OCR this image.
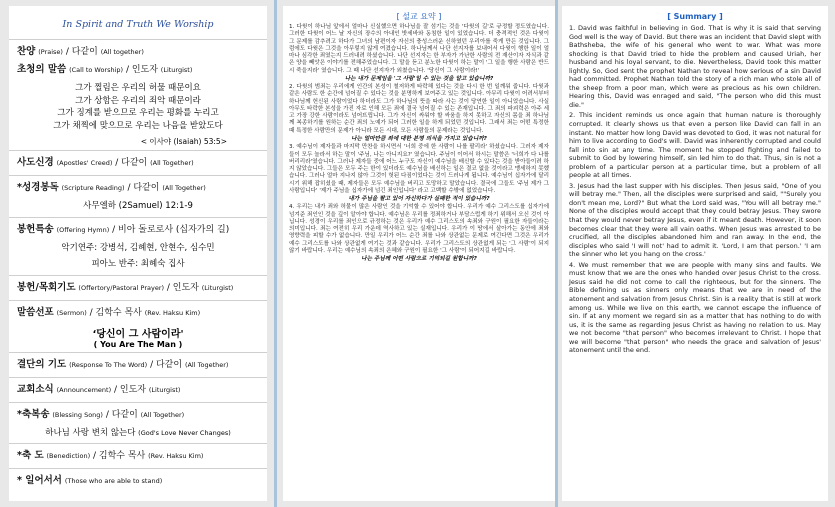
In Spirit and Truth We Worship
찬양 (Praise) / 다같이 (All together)
초청의 말씀 (Call to Worship) / 인도자 (Liturgist)
그가 찔림은 우리의 허물 때문이요
그가 상함은 우리의 죄악 때문이라
그가 징계를 받으므로 우리는 평화를 누리고
그가 채찍에 맞으므로 우리는 나음을 받았도다
< 이사야 (Isaiah) 53:5>
사도신경 (Apostles' Creed) / 다같이 (All Together)
*성경봉독 (Scripture Reading) / 다같이 (All Together)
사무엘하 (2Samuel) 12:1-9
봉헌특송 (Offering Hymn) / 비아 돌로로사 (십자가의 길)
악기연주: 강병석, 김혜현, 안현수, 심수민
피아노 반주: 최혜숙 집사
봉헌/목회기도 (Offertory/Pastoral Prayer) / 인도자 (Liturgist)
말씀선포 (Sermon) / 김학수 목사 (Rev. Haksu Kim)
‘당신이 그 사람이라'
( You Are The Man )
결단의 기도 (Response To The Word) / 다같이 (All Together)
교회소식 (Announcement) / 인도자 (Liturgist)
*축복송 (Blessing Song) / 다같이 (All Together)
하나님 사랑 변치 않는다 (God's Love Never Changes)
*축 도 (Benediction) / 김학수 목사 (Rev. Haksu Kim)
* 일어서서 (Those who are able to stand)
[ 설교 요약 ]

1. 다윗이 하나님 앞에서 얼마나 신실했으면 하나님을 잘 섬기는 것을 '다윗의 길'로 규정할 정도였습니다. 그러한 다윗이 어느 날 자신의 장수의 아내인 밧세바와 동침한 일이 있었습니다. 더 충격적인 것은 다윗이 그 문제를 감추려고 하다가 그녀의 남편이자 자신의 충성스러운 신하였던 우리아를 죽게 만든 것입니다. 그럼에도 다윗은 그것을 아무렇지 않게 여겼습니다. 하나님께서 나단 선지자를 보내어서 다윗이 행한 일이 얼마나 심각한 죄였는지 드러내려 하셨습니다. 나단 선지자는 한 부자가 가난한 사람의 전 재산이자 자식과 같은 양을 빼앗은 이야기를 전해주었습니다. 그 말을 듣고 분노한 다윗이 하는 말이 '그 일을 행한 사람은 반드시 죽을지라' 였습니다. 그 때 나단 선지자가 외쳤습니다. '당신이 그 사람이라!'

나는 내가 문제임을 '그 사람'일 수 있는 것을 알고 있습니까?

2. 다윗의 범죄는 우리에게 인간의 본성이 철저하게 타락해 있다는 것을 다시 한 번 일깨워 줍니다. 다윗과 같은 사람도 한 순간에 넘어질 수 있다는 것을 분명하게 보여주고 있는 것입니다. 아무리 다윗이 어려서부터 하나님께 헌신된 사람이었다 하더라도 그가 하나님의 뜻을 따라 사는 것이 당연한 일이 아니었습니다. 사실 아무도 타락한 본성을 가진 자로 인해 모든 죄에 결국 넘어질 수 있는 존재입니다. 그 죄의 파괴력은 아주 세고 가장 강한 사람이라도 넘어뜨립니다. 그가 자신이 싸워야 할 싸움을 하지 못하고 자신의 몸을 죄 하나님께 복종하기를 원하는 순간 죄의 노예가 되어 그러한 일을 하게 되었던 것입니다. 그래서 죄는 어떤 특정한 때 특정한 사람만의 문제가 아니라 모든 시대, 모든 사람들의 문제라는 것입니다.

나는 얼마만큼 죄에 대한 분명 의식을 가지고 있습니까?

3. 예수님이 제자들과 마지막 만찬을 하시면서 '너희 중에 한 사람이 나를 팔리라' 하셨습니다. 그러자 제자들이 모두 놀라서 하는 말이 '주님, 나는 아니지요?' 였습니다. 주님이 이어서 하시는 말씀은 '너희가 다 나를 버리리라'였습니다. 그러나 제자들 중에 어느 누구도 자신이 예수님을 배신할 수 있다는 것을 받아들이려 하지 않았습니다. 그들은 모두 주는 한이 있더라도 예수님을 배신하는 일은 결코 없을 것이라고 맹세하지 못했습니다. 그러나 얼마 지나지 않아 그것이 헛된 다짐이었다는 것이 드러나게 됩니다. 예수님이 십자가에 달리시기 위해 잡히셨을 때, 제자들은 모두 예수님을 버리고 도망하고 말았습니다. 결국에 그들도 '주님 제가 그 사람입니다' '제가 주님을 십자가에 넘긴 죄인입니다' 라고 고백할 수밖에 없었습니다.

내가 주님을 팔고 있어 자신하다가 실패한 적이 있습니까?

4. 우리는 내가 죄와 허물이 많은 사람인 것을 기억할 수 있어야 합니다. 우리가 예수 그리스도를 십자가에 넘겨준 죄인인 것을 깊이 알아야 합니다. 예수님은 우리를 정죄하거나 부담스럽게 하기 위해서 오신 것이 아닙니다. 성경이 우리를 죄인으로 규정하는 것은 우리가 예수 그리스도의 속죄와 구원이 필요한 자들이라는 의미입니다. 죄는 여전히 우리 가운데 역사하고 있는 실재입니다. 우리가 이 땅에서 살아가는 동안에 죄와 영향력을 피할 수가 없습니다. 만일 우리가 어느 순간 죄를 나와 상관없는 문제로 여긴다면 그것은 우리가 예수 그리스도를 나와 상관없게 여기는 것과 같습니다. 우리가 그리스도의 상관없게 되는 '그 사람'이 되지 않기 바랍니다. 우리는 예수님의 속죄의 은혜와 구원이 필요한 '그 사람'이 되어지길 바랍니다.

나는 주님께 어떤 사람으로 기억되길 원합니까?
[ Summary ]

1. David was faithful in believing in God. That is why it is said that serving God well is the way of David. But there was an incident that David slept with Bathsheba, the wife of his general who went to war. What was more shocking is that David tried to hide the problem and caused Uriah, her husband and his loyal servant, to die. Nevertheless, David took this matter lightly. So, God sent the prophet Nathan to reveal how serious of a sin David had committed. Prophet Nathan told the story of a rich man who stole all of the sheep from a poor man, which were as precious as his own children. Hearing this, David was enraged and said, "The person who did this must die."

2. This incident reminds us once again that human nature is thoroughly corrupted. It clearly shows us that even a person like David can fall in an instant. No matter how long David was devoted to God, it was not natural for him to live according to God's will. David was inherently corrupted and could fall into sin at any time. The moment he stopped fighting and failed to submit to God by lowering himself, sin led him to do that. Thus, sin is not a problem of a particular person at a particular time, but a problem of all people at all times.

3. Jesus had the last supper with his disciples. Then Jesus said, "One of you will betray me." Then, all the disciples were surprised and said, ""Surely you don't mean me, Lord?" But what the Lord said was, "You will all betray me." None of the disciples would accept that they could betray Jesus. They swore that they would never betray Jesus, even if it meant death. However, it soon becomes clear that they were all vain oaths. When Jesus was arrested to be crucified, all the disciples abandoned him and ran away. In the end, the disciples who said 'I will not' had to admit it. 'Lord, I am that person.' 'I am the sinner who let you hang on the cross.'

4. We must remember that we are people with many sins and faults. We must know that we are the ones who handed over Jesus Christ to the cross. Jesus said he did not come to call the righteous, but for the sinners. The Bible defining us as sinners only means that we are in need of the atonement and salvation from Jesus Christ. Sin is a reality that is still at work among us. While we live on this earth, we cannot escape the influence of sin. If at any moment we regard sin as a matter that has nothing to do with us, it is the same as regarding Jesus Christ as having no relation to us. May we not become "that person" who becomes irrelevant to Christ. I hope that we will become "that person" who needs the grace and salvation of Jesus' atonement until the end.
